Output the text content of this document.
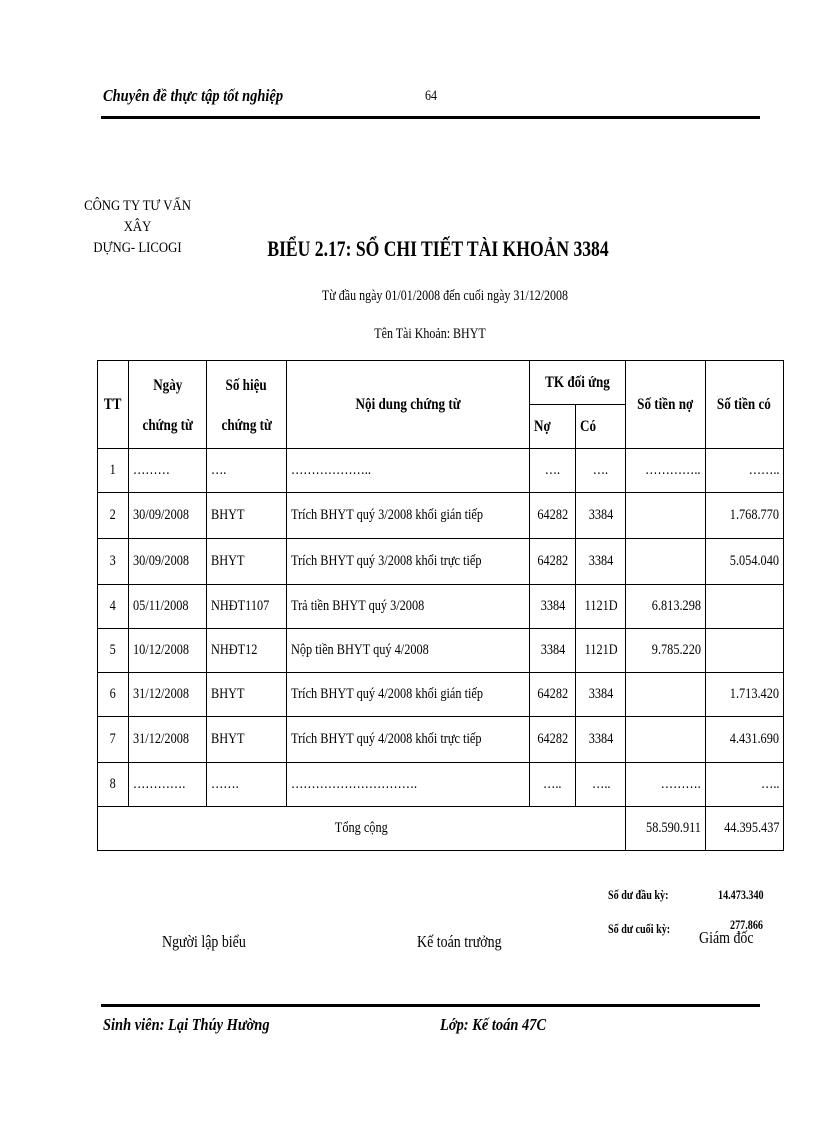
Chuyên đề thực tập tốt nghiệp	64
CÔNG TY TƯ VẤN XÂY
DỰNG- LICOGI	BIỂU 2.17: SỔ CHI TIẾT TÀI KHOẢN 3384
Từ đầu ngày 01/01/2008 đến cuối ngày 31/12/2008
Tên Tài Khoản: BHYT
TT	Ngày	Số hiệu	Nội dung chứng từ	TK đối ứng		Số tiền nợ	Số tiền có
	chứng từ	chứng từ		Nợ	Có		
1	………	….	………………..	….	….	…………..	……..
2	30/09/2008	BHYT	Trích BHYT quý 3/2008 khối gián tiếp	64282	3384		1.768.770
3	30/09/2008	BHYT	Trích BHYT quý 3/2008 khối trực tiếp	64282	3384		5.054.040
4	05/11/2008	NHĐT1107	Trả tiền BHYT quý 3/2008	3384	1121D	6.813.298	
5	10/12/2008	NHĐT12	Nộp tiền BHYT quý 4/2008	3384	1121D	9.785.220	
6	31/12/2008	BHYT	Trích BHYT quý 4/2008 khối gián tiếp	64282	3384		1.713.420
7	31/12/2008	BHYT	Trích BHYT quý 4/2008 khối trực tiếp	64282	3384		4.431.690
8	………….	…….	………………………….	…..	…..	……….	…..
Tổng cộng						58.590.911	44.395.437
Số dư đầu kỳ:	14.473.340
Số dư cuối kỳ:	277.866
Người lập biểu	Kế toán trưởng	Giám đốc
Sinh viên: Lại Thúy Hường	Lớp: Kế toán 47C
